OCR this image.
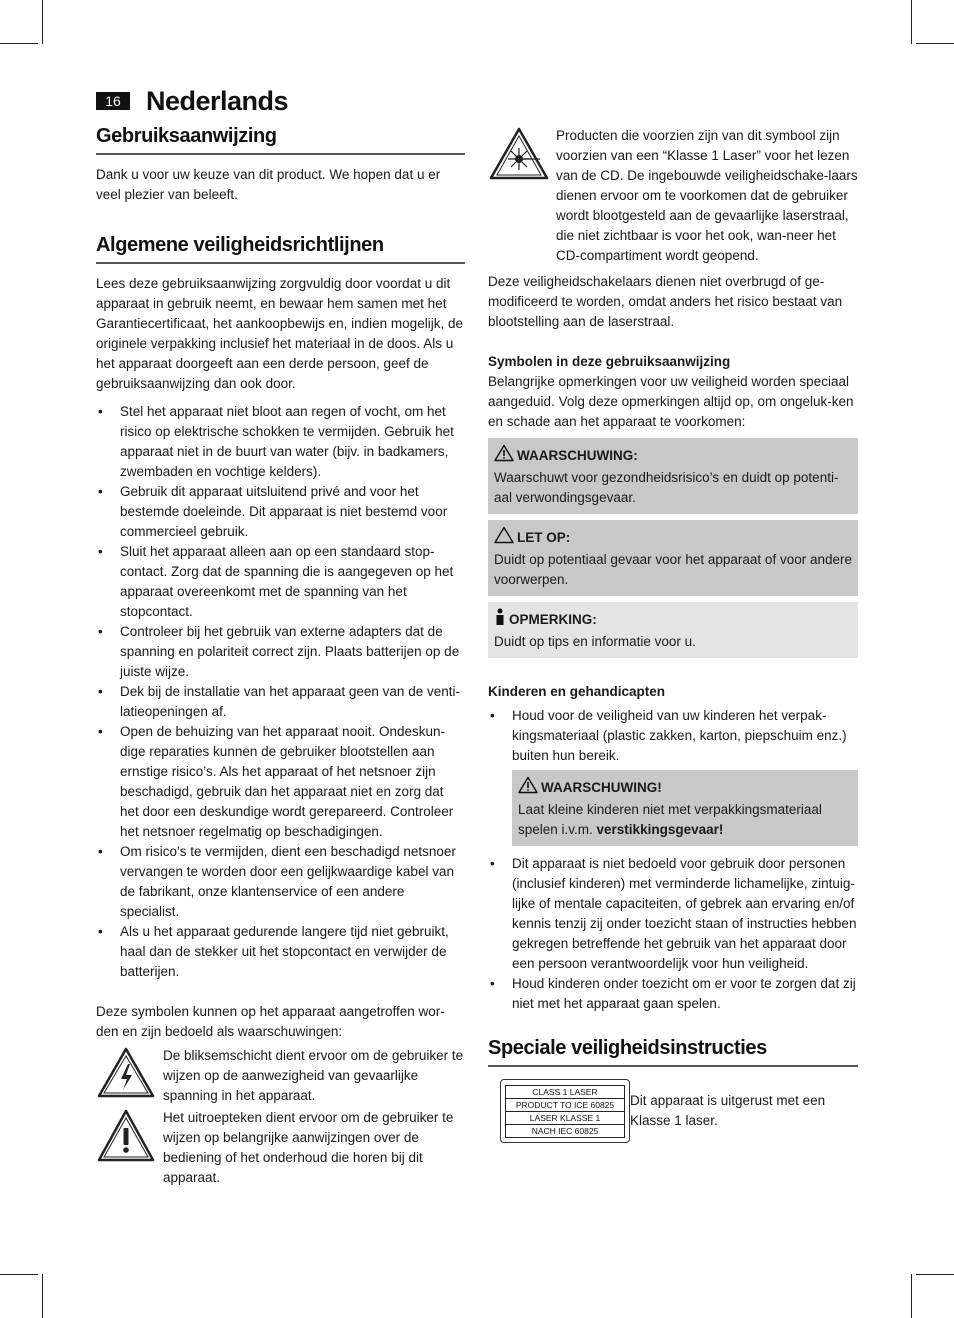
16 Nederlands
Gebruiksaanwijzing

Dank u voor uw keuze van dit product. We hopen dat u er veel plezier van beleeft.

Algemene veiligheidsrichtlijnen

Lees deze gebruiksaanwijzing zorgvuldig door voordat u dit apparaat in gebruik neemt, en bewaar hem samen met het Garantiecertificaat, het aankoopbewijs en, indien mogelijk, de originele verpakking inclusief het materiaal in de doos. Als u het apparaat doorgeeft aan een derde persoon, geef de gebruiksaanwijzing dan ook door.

• Stel het apparaat niet bloot aan regen of vocht, om het risico op elektrische schokken te vermijden. Gebruik het apparaat niet in de buurt van water (bijv. in badkamers, zwembaden en vochtige kelders).
• Gebruik dit apparaat uitsluitend privé and voor het bestemde doeleinde. Dit apparaat is niet bestemd voor commercieel gebruik.
• Sluit het apparaat alleen aan op een standaard stop-contact. Zorg dat de spanning die is aangegeven op het apparaat overeenkomt met de spanning van het stopcontact.
• Controleer bij het gebruik van externe adapters dat de spanning en polariteit correct zijn. Plaats batterijen op de juiste wijze.
• Dek bij de installatie van het apparaat geen van de venti-latieopeningen af.
• Open de behuizing van het apparaat nooit. Ondeskun-dige reparaties kunnen de gebruiker blootstellen aan ernstige risico’s. Als het apparaat of het netsnoer zijn beschadigd, gebruik dan het apparaat niet en zorg dat het door een deskundige wordt gerepareerd. Controleer het netsnoer regelmatig op beschadigingen.
• Om risico’s te vermijden, dient een beschadigd netsnoer vervangen te worden door een gelijkwaardige kabel van de fabrikant, onze klantenservice of een andere specialist.
• Als u het apparaat gedurende langere tijd niet gebruikt, haal dan de stekker uit het stopcontact en verwijder de batterijen.

Deze symbolen kunnen op het apparaat aangetroffen wor-den en zijn bedoeld als waarschuwingen:

De bliksemschicht dient ervoor om de gebruiker te wijzen op de aanwezigheid van gevaarlijke spanning in het apparaat.

Het uitroepteken dient ervoor om de gebruiker te wijzen op belangrijke aanwijzingen over de bediening of het onderhoud die horen bij dit apparaat.

Producten die voorzien zijn van dit symbool zijn voorzien van een “Klasse 1 Laser” voor het lezen van de CD. De ingebouwde veiligheidschake-laars dienen ervoor om te voorkomen dat de gebruiker wordt blootgesteld aan de gevaarlijke laserstraal, die niet zichtbaar is voor het ook, wan-neer het CD-compartiment wordt geopend.

Deze veiligheidschakelaars dienen niet overbrugd of ge-modificeerd te worden, omdat anders het risico bestaat van blootstelling aan de laserstraal.

Symbolen in deze gebruiksaanwijzing

Belangrijke opmerkingen voor uw veiligheid worden speciaal aangeduid. Volg deze opmerkingen altijd op, om ongeluk-ken en schade aan het apparaat te voorkomen:

WAARSCHUWING:

Waarschuwt voor gezondheidsrisico’s en duidt op potenti-aal verwondingsgevaar.

LET OP:

Duidt op potentiaal gevaar voor het apparaat of voor andere voorwerpen.

OPMERKING:

Duidt op tips en informatie voor u.

Kinderen en gehandicapten

• Houd voor de veiligheid van uw kinderen het verpak-kingsmateriaal (plastic zakken, karton, piepschuim enz.) buiten hun bereik.
WAARSCHUWING!

Laat kleine kinderen niet met verpakkingsmateriaal spelen i.v.m. verstikkingsgevaar!

• Dit apparaat is niet bedoeld voor gebruik door personen (inclusief kinderen) met verminderde lichamelijke, zintuig-lijke of mentale capaciteiten, of gebrek aan ervaring en/of kennis tenzij zij onder toezicht staan of instructies hebben gekregen betreffende het gebruik van het apparaat door een persoon verantwoordelijk voor hun veiligheid.
• Houd kinderen onder toezicht om er voor te zorgen dat zij niet met het apparaat gaan spelen.
Speciale veiligheidsinstructies
CLASS 1 LASER
PRODUCT TO ICE 60825
LASER KLASSE 1
NACH IEC 60825

Dit apparaat is uitgerust met een Klasse 1 laser.
